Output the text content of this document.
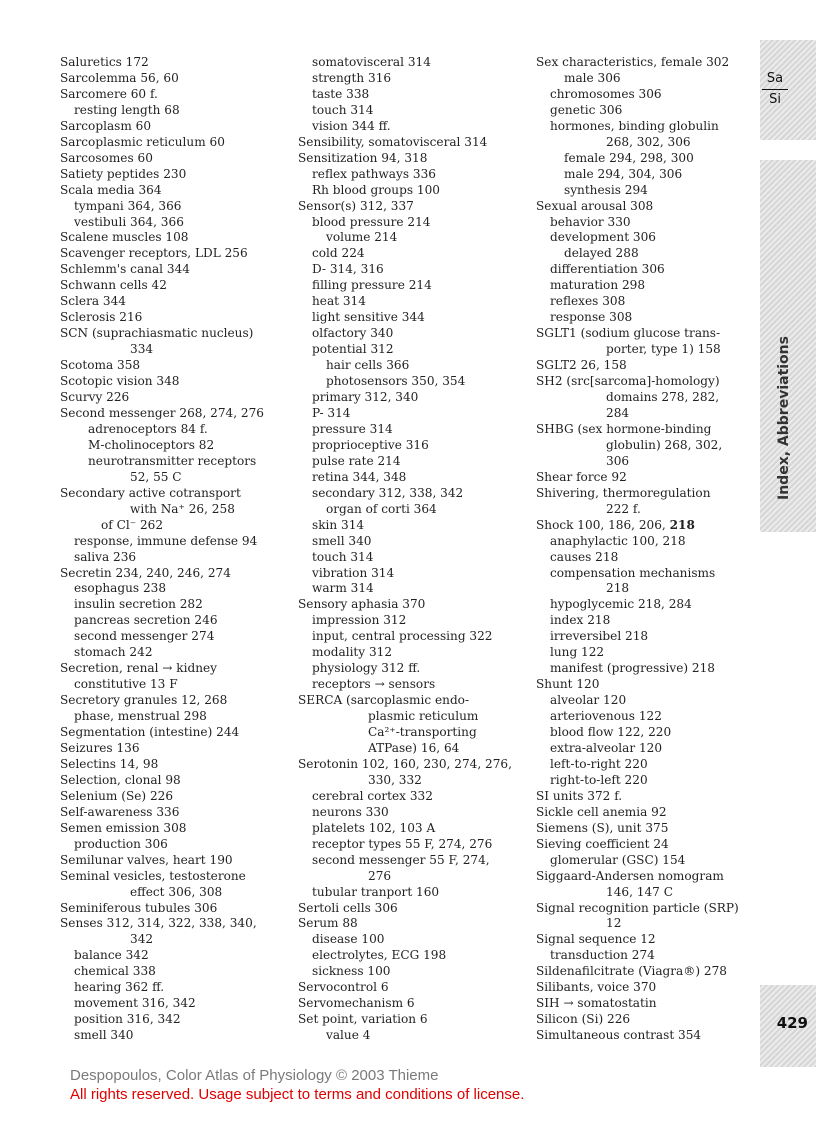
Saluretics 172
Sarcolemma 56, 60
Sarcomere 60 f.
resting length 68
Sarcoplasm 60
Sarcoplasmic reticulum 60
Sarcosomes 60
Satiety peptides 230
Scala media 364
tympani 364, 366
vestibuli 364, 366
Scalene muscles 108
Scavenger receptors, LDL 256
Schlemm's canal 344
Schwann cells 42
Sclera 344
Sclerosis 216
SCN (suprachiasmatic nucleus)
334
Scotoma 358
Scotopic vision 348
Scurvy 226
Second messenger 268, 274, 276
adrenoceptors 84 f.
M-cholinoceptors 82
neurotransmitter receptors
52, 55 C
Secondary active cotransport
with Na⁺ 26, 258
of Cl⁻ 262
response, immune defense 94
saliva 236
Secretin 234, 240, 246, 274
esophagus 238
insulin secretion 282
pancreas secretion 246
second messenger 274
stomach 242
Secretion, renal → kidney
constitutive 13 F
Secretory granules 12, 268
phase, menstrual 298
Segmentation (intestine) 244
Seizures 136
Selectins 14, 98
Selection, clonal 98
Selenium (Se) 226
Self-awareness 336
Semen emission 308
production 306
Semilunar valves, heart 190
Seminal vesicles, testosterone
effect 306, 308
Seminiferous tubules 306
Senses 312, 314, 322, 338, 340,
342
balance 342
chemical 338
hearing 362 ff.
movement 316, 342
position 316, 342
smell 340
somatovisceral 314
strength 316
taste 338
touch 314
vision 344 ff.
Sensibility, somatovisceral 314
Sensitization 94, 318
reflex pathways 336
Rh blood groups 100
Sensor(s) 312, 337
blood pressure 214
volume 214
cold 224
D- 314, 316
filling pressure 214
heat 314
light sensitive 344
olfactory 340
potential 312
hair cells 366
photosensors 350, 354
primary 312, 340
P- 314
pressure 314
proprioceptive 316
pulse rate 214
retina 344, 348
secondary 312, 338, 342
organ of corti 364
skin 314
smell 340
touch 314
vibration 314
warm 314
Sensory aphasia 370
impression 312
input, central processing 322
modality 312
physiology 312 ff.
receptors → sensors
SERCA (sarcoplasmic endo-
plasmic reticulum
Ca²⁺-transporting
ATPase) 16, 64
Serotonin 102, 160, 230, 274, 276,
330, 332
cerebral cortex 332
neurons 330
platelets 102, 103 A
receptor types 55 F, 274, 276
second messenger 55 F, 274,
276
tubular tranport 160
Sertoli cells 306
Serum 88
disease 100
electrolytes, ECG 198
sickness 100
Servocontrol 6
Servomechanism 6
Set point, variation 6
value 4
Sex characteristics, female 302
male 306
chromosomes 306
genetic 306
hormones, binding globulin
268, 302, 306
female 294, 298, 300
male 294, 304, 306
synthesis 294
Sexual arousal 308
behavior 330
development 306
delayed 288
differentiation 306
maturation 298
reflexes 308
response 308
SGLT1 (sodium glucose trans-
porter, type 1) 158
SGLT2 26, 158
SH2 (src[sarcoma]-homology)
domains 278, 282,
284
SHBG (sex hormone-binding
globulin) 268, 302,
306
Shear force 92
Shivering, thermoregulation
222 f.
Shock 100, 186, 206, 218
anaphylactic 100, 218
causes 218
compensation mechanisms
218
hypoglycemic 218, 284
index 218
irreversibel 218
lung 122
manifest (progressive) 218
Shunt 120
alveolar 120
arteriovenous 122
blood flow 122, 220
extra-alveolar 120
left-to-right 220
right-to-left 220
SI units 372 f.
Sickle cell anemia 92
Siemens (S), unit 375
Sieving coefficient 24
glomerular (GSC) 154
Siggaard-Andersen nomogram
146, 147 C
Signal recognition particle (SRP)
12
Signal sequence 12
transduction 274
Sildenafilcitrate (Viagra®) 278
Silibants, voice 370
SIH → somatostatin
Silicon (Si) 226
Simultaneous contrast 354
Sa
Si
Index, Abbreviations
429
Despopoulos, Color Atlas of Physiology © 2003 Thieme
All rights reserved. Usage subject to terms and conditions of license.
